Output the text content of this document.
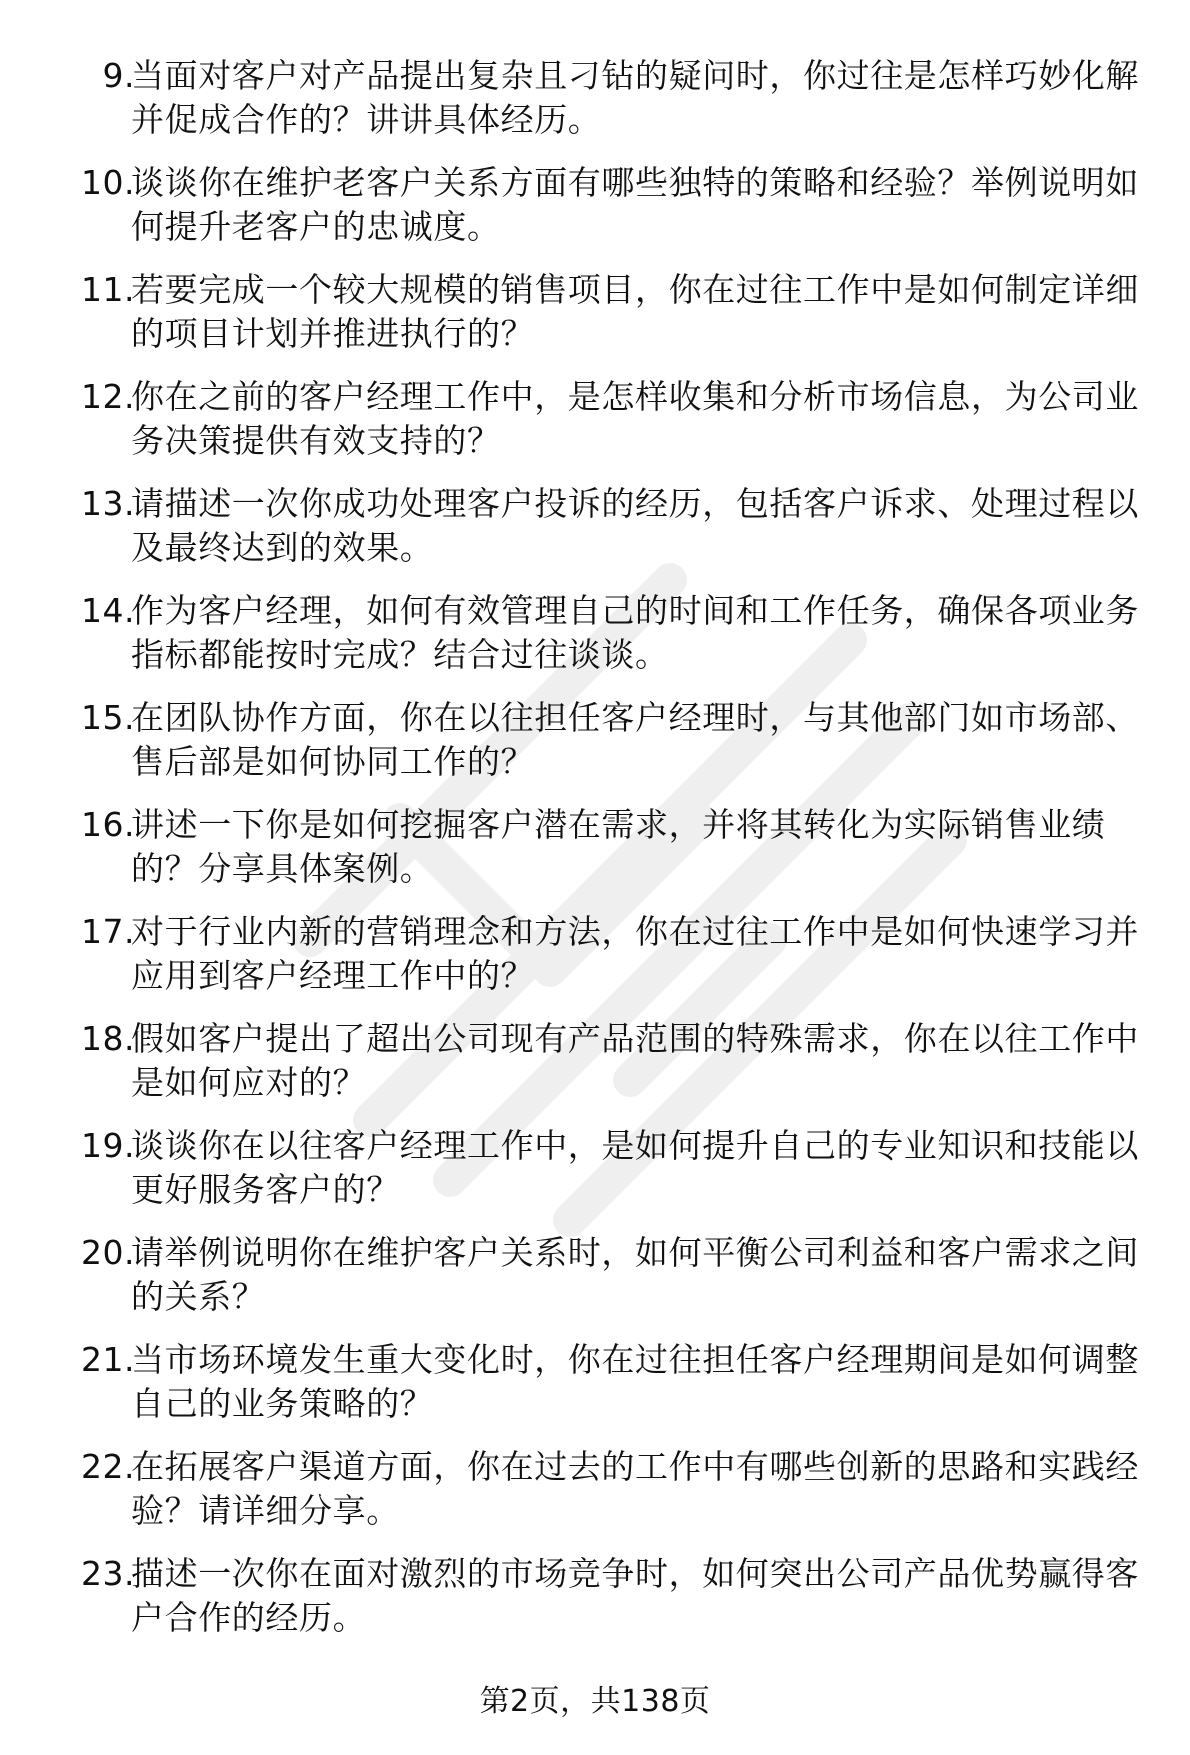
9.
当面对客户对产品提出复杂且刁钻的疑问时，你过往是怎样巧妙化解并促成合作的？讲讲具体经历。
10.
谈谈你在维护老客户关系方面有哪些独特的策略和经验？举例说明如何提升老客户的忠诚度。
11.
若要完成一个较大规模的销售项目，你在过往工作中是如何制定详细的项目计划并推进执行的？
12.
你在之前的客户经理工作中，是怎样收集和分析市场信息，为公司业务决策提供有效支持的？
13.
请描述一次你成功处理客户投诉的经历，包括客户诉求、处理过程以及最终达到的效果。
14.
作为客户经理，如何有效管理自己的时间和工作任务，确保各项业务指标都能按时完成？结合过往谈谈。
15.
在团队协作方面，你在以往担任客户经理时，与其他部门如市场部、售后部是如何协同工作的？
16.
讲述一下你是如何挖掘客户潜在需求，并将其转化为实际销售业绩的？分享具体案例。
17.
对于行业内新的营销理念和方法，你在过往工作中是如何快速学习并应用到客户经理工作中的？
18.
假如客户提出了超出公司现有产品范围的特殊需求，你在以往工作中是如何应对的？
19.
谈谈你在以往客户经理工作中，是如何提升自己的专业知识和技能以更好服务客户的？
20.
请举例说明你在维护客户关系时，如何平衡公司利益和客户需求之间的关系？
21.
当市场环境发生重大变化时，你在过往担任客户经理期间是如何调整自己的业务策略的？
22.
在拓展客户渠道方面，你在过去的工作中有哪些创新的思路和实践经验？请详细分享。
23.
描述一次你在面对激烈的市场竞争时，如何突出公司产品优势赢得客户合作的经历。
第2页，共138页
